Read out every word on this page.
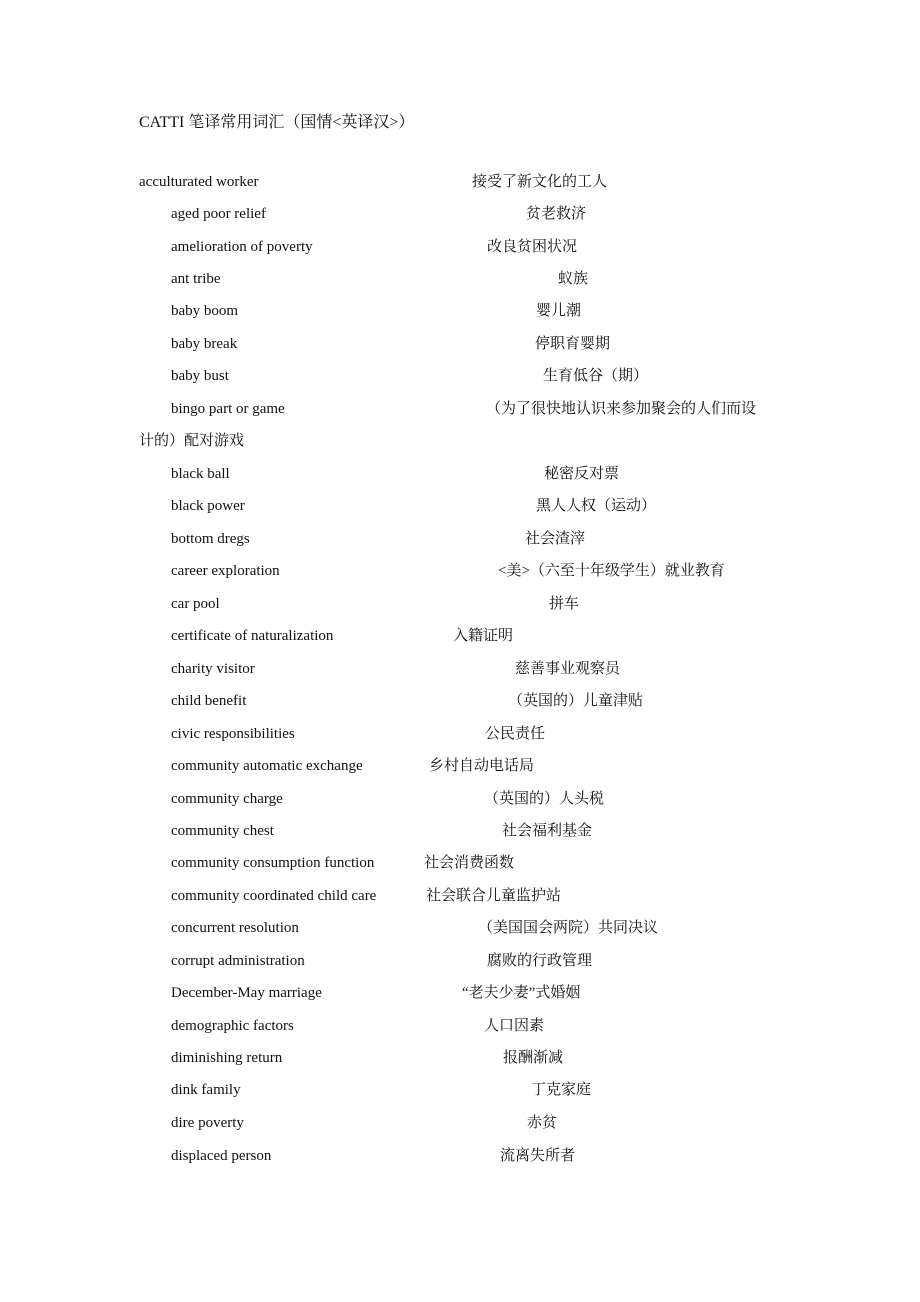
CATTI 笔译常用词汇（国情<英译汉>）
acculturated worker	接受了新文化的工人
aged poor relief	贫老救济
amelioration of poverty	改良贫困状况
ant tribe	蚁族
baby boom	婴儿潮
baby break	停职育婴期
baby bust	生育低谷（期）
bingo part or game	（为了很快地认识来参加聚会的人们而设
计的）配对游戏
black ball	秘密反对票
black power	黑人人权（运动）
bottom dregs	社会渣滓
career exploration	<美>（六至十年级学生）就业教育
car pool	拼车
certificate of naturalization	入籍证明
charity visitor	慈善事业观察员
child benefit	（英国的）儿童津贴
civic responsibilities	公民责任
community automatic exchange	乡村自动电话局
community charge	（英国的）人头税
community chest	社会福利基金
community consumption function	社会消费函数
community coordinated child care	社会联合儿童监护站
concurrent resolution	（美国国会两院）共同决议
corrupt administration	腐败的行政管理
December-May marriage	“老夫少妻”式婚姻
demographic factors	人口因素
diminishing return	报酬渐减
dink family	丁克家庭
dire poverty	赤贫
displaced person	流离失所者
